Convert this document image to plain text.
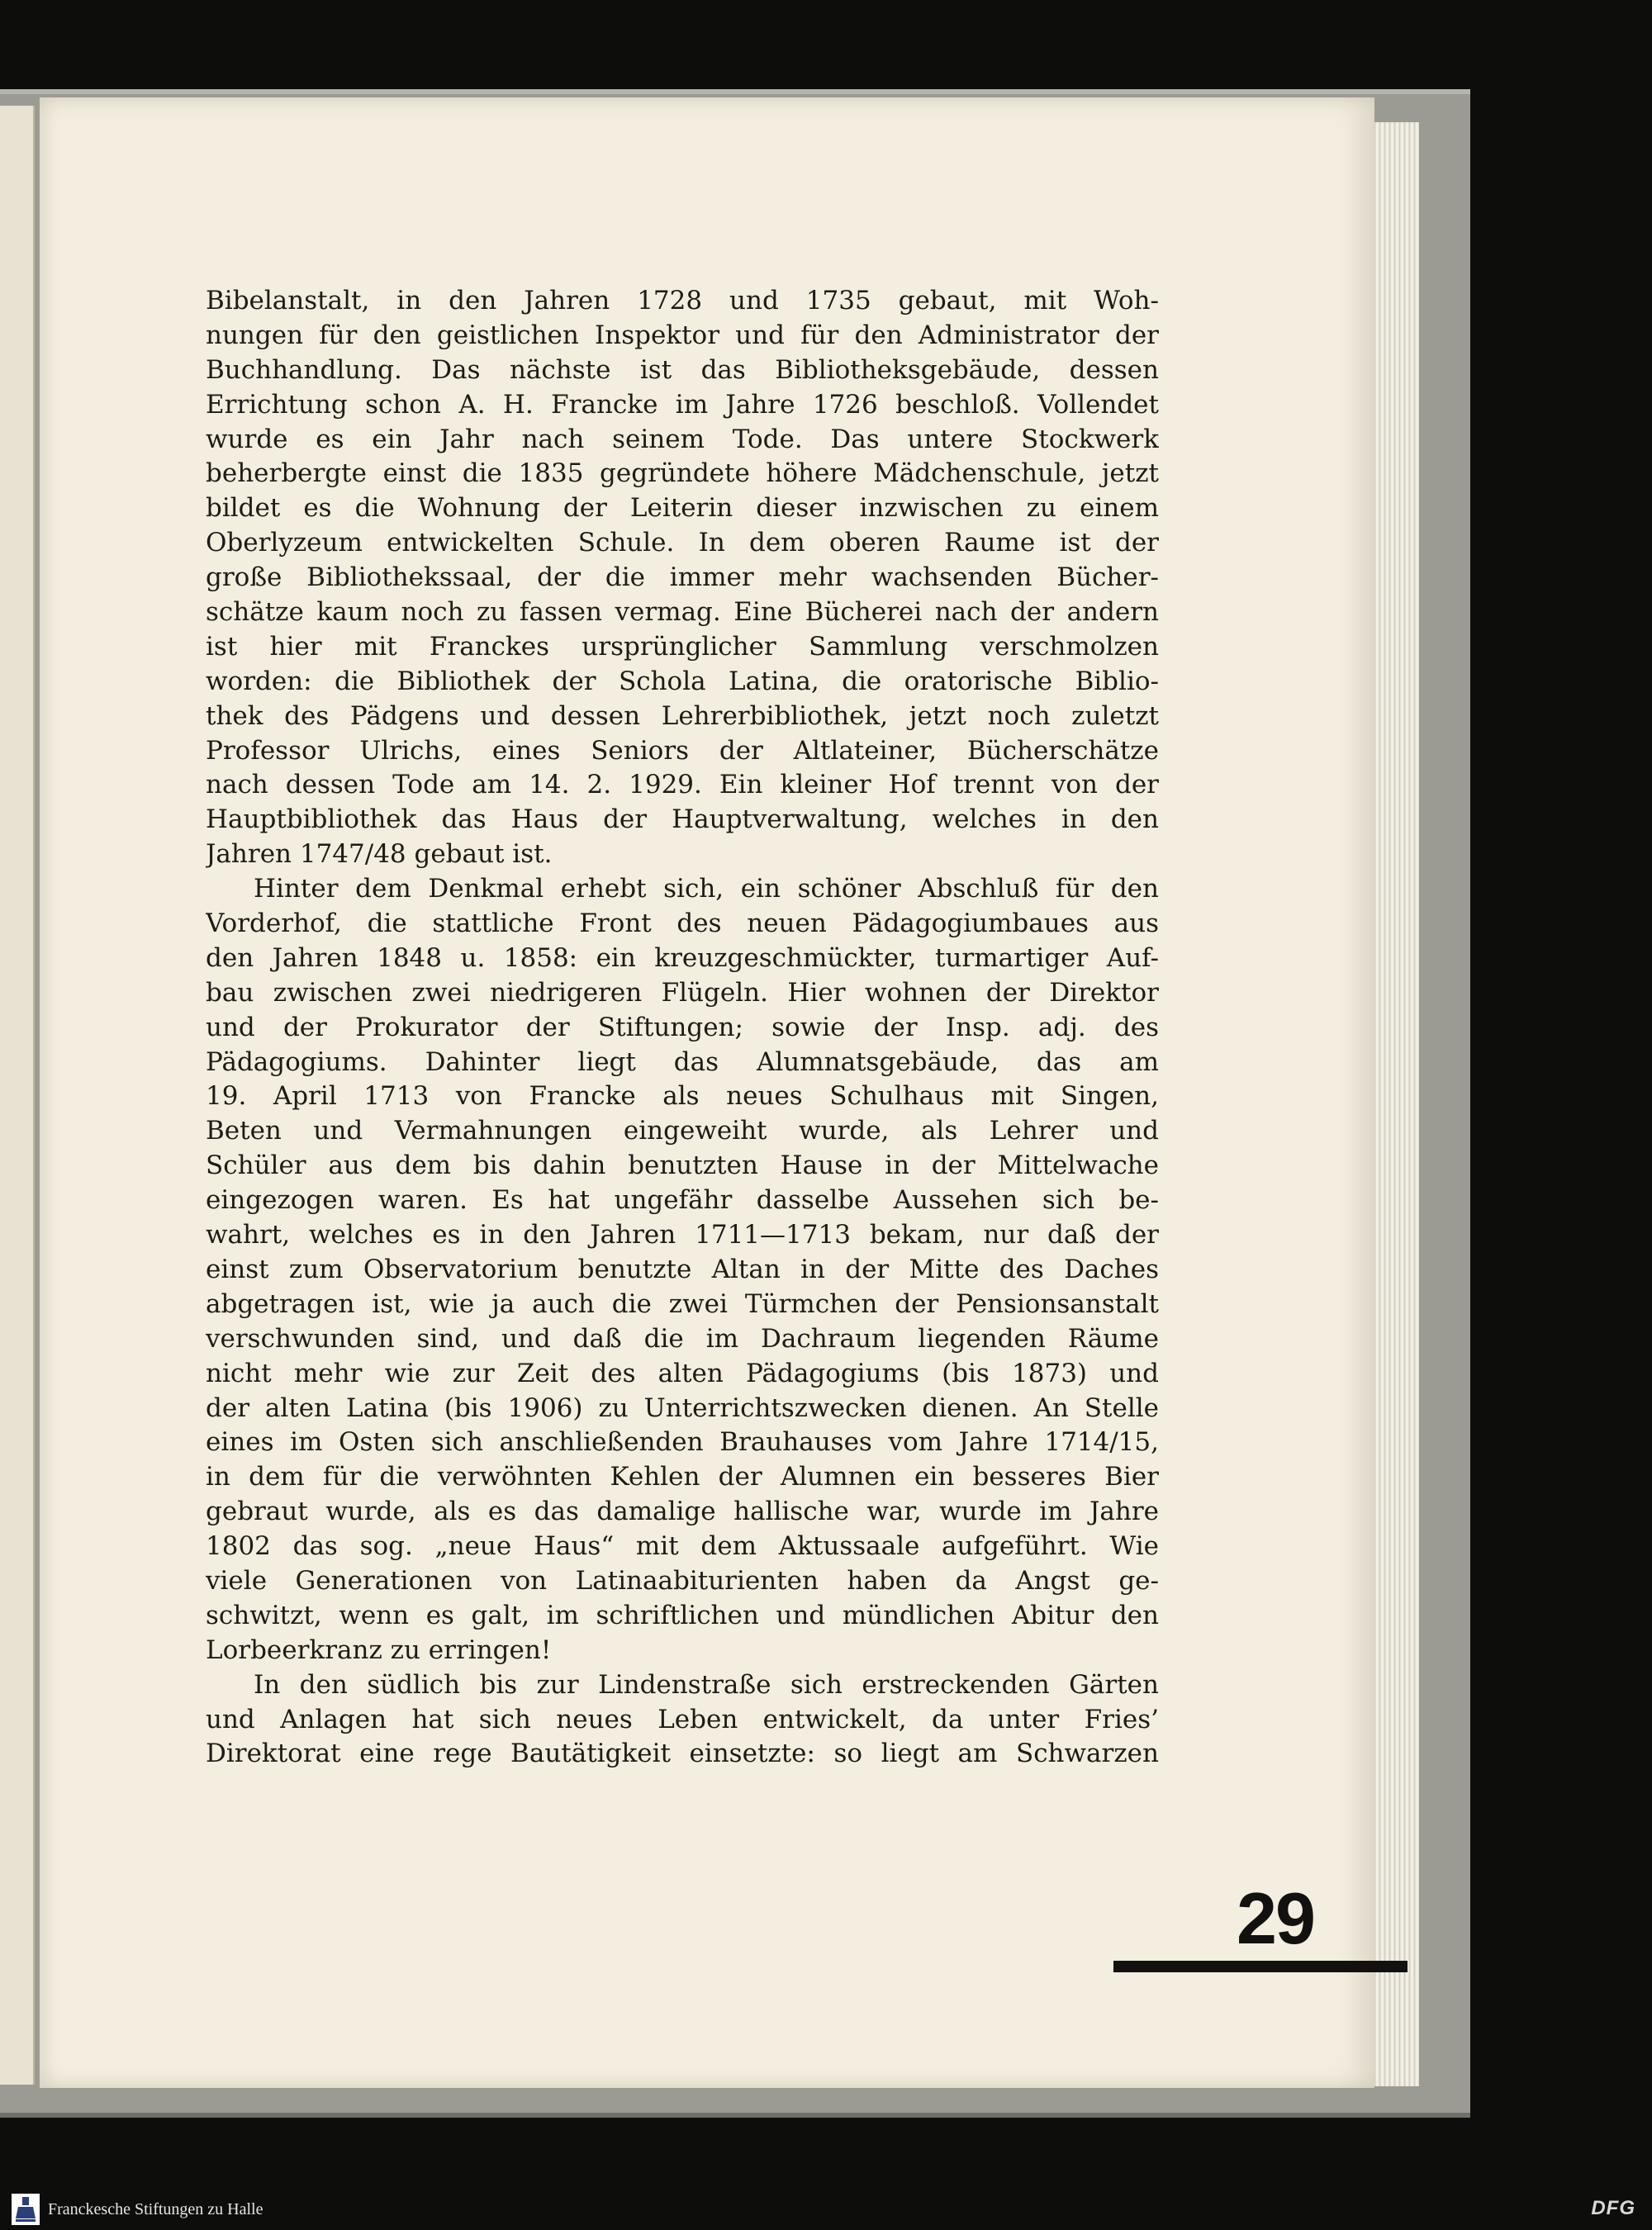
Bibelanstalt, in den Jahren 1728 und 1735 gebaut, mit Woh-
nungen für den geistlichen Inspektor und für den Administrator der
Buchhandlung. Das nächste ist das Bibliotheksgebäude, dessen
Errichtung schon A. H. Francke im Jahre 1726 beschloß. Vollendet
wurde es ein Jahr nach seinem Tode. Das untere Stockwerk
beherbergte einst die 1835 gegründete höhere Mädchenschule, jetzt
bildet es die Wohnung der Leiterin dieser inzwischen zu einem
Oberlyzeum entwickelten Schule. In dem oberen Raume ist der
große Bibliothekssaal, der die immer mehr wachsenden Bücher-
schätze kaum noch zu fassen vermag. Eine Bücherei nach der andern
ist hier mit Franckes ursprünglicher Sammlung verschmolzen
worden: die Bibliothek der Schola Latina, die oratorische Biblio-
thek des Pädgens und dessen Lehrerbibliothek, jetzt noch zuletzt
Professor Ulrichs, eines Seniors der Altlateiner, Bücherschätze
nach dessen Tode am 14. 2. 1929. Ein kleiner Hof trennt von der
Hauptbibliothek das Haus der Hauptverwaltung, welches in den
Jahren 1747/48 gebaut ist.
Hinter dem Denkmal erhebt sich, ein schöner Abschluß für den
Vorderhof, die stattliche Front des neuen Pädagogiumbaues aus
den Jahren 1848 u. 1858: ein kreuzgeschmückter, turmartiger Auf-
bau zwischen zwei niedrigeren Flügeln. Hier wohnen der Direktor
und der Prokurator der Stiftungen; sowie der Insp. adj. des
Pädagogiums. Dahinter liegt das Alumnatsgebäude, das am
19. April 1713 von Francke als neues Schulhaus mit Singen,
Beten und Vermahnungen eingeweiht wurde, als Lehrer und
Schüler aus dem bis dahin benutzten Hause in der Mittelwache
eingezogen waren. Es hat ungefähr dasselbe Aussehen sich be-
wahrt, welches es in den Jahren 1711—1713 bekam, nur daß der
einst zum Observatorium benutzte Altan in der Mitte des Daches
abgetragen ist, wie ja auch die zwei Türmchen der Pensionsanstalt
verschwunden sind, und daß die im Dachraum liegenden Räume
nicht mehr wie zur Zeit des alten Pädagogiums (bis 1873) und
der alten Latina (bis 1906) zu Unterrichtszwecken dienen. An Stelle
eines im Osten sich anschließenden Brauhauses vom Jahre 1714/15,
in dem für die verwöhnten Kehlen der Alumnen ein besseres Bier
gebraut wurde, als es das damalige hallische war, wurde im Jahre
1802 das sog. „neue Haus“ mit dem Aktussaale aufgeführt. Wie
viele Generationen von Latinaabiturienten haben da Angst ge-
schwitzt, wenn es galt, im schriftlichen und mündlichen Abitur den
Lorbeerkranz zu erringen!
In den südlich bis zur Lindenstraße sich erstreckenden Gärten
und Anlagen hat sich neues Leben entwickelt, da unter Fries’
Direktorat eine rege Bautätigkeit einsetzte: so liegt am Schwarzen
29
Franckesche Stiftungen zu Halle	DFG
